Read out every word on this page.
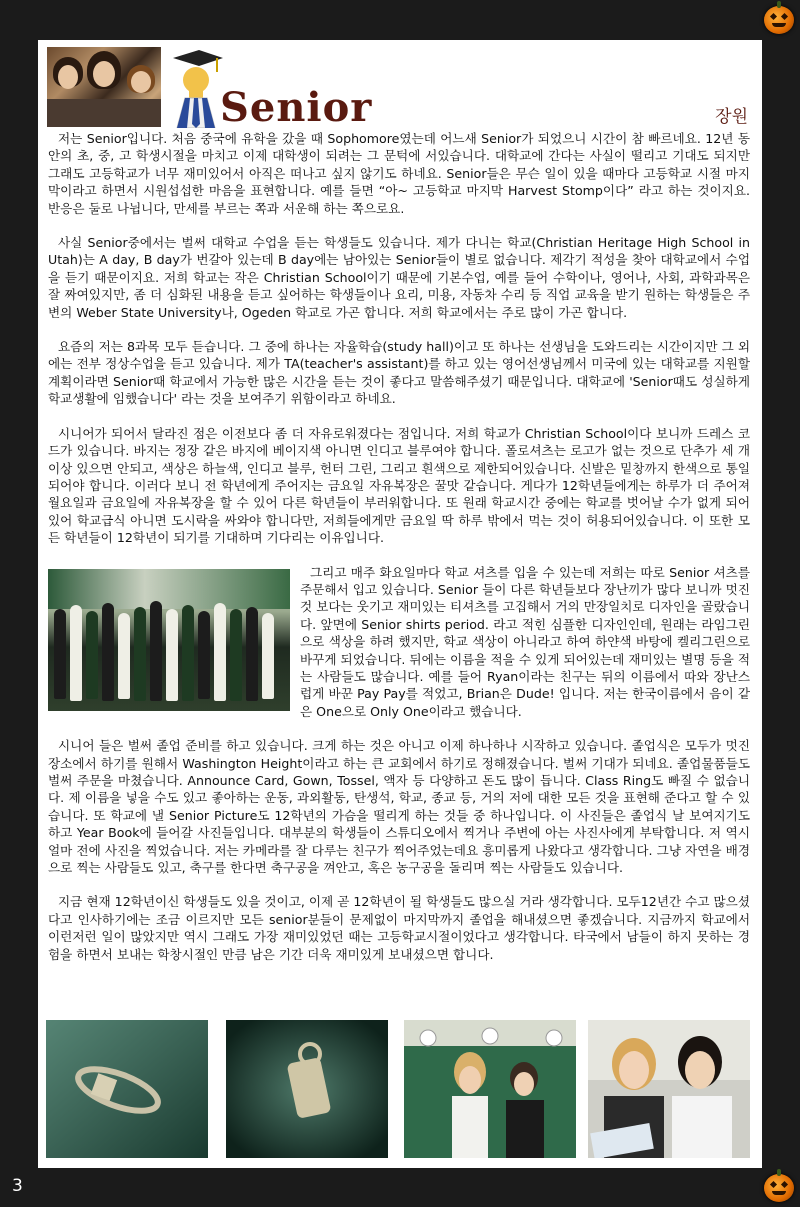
3
Senior	장원

저는 Senior입니다. 처음 중국에 유학을 갔을 때 Sophomore였는데 어느새 Senior가 되었으니 시간이 참 빠르네요. 12년 동안의 초, 중, 고 학생시절을 마치고 이제 대학생이 되려는 그 문턱에 서있습니다. 대학교에 간다는 사실이 떨리고 기대도 되지만 그래도 고등학교가 너무 재미있어서 아직은 떠나고 싶지 않기도 하네요. Senior들은 무슨 일이 있을 때마다 고등학교 시절 마지막이라고 하면서 시원섭섭한 마음을 표현합니다. 예를 들면 “아~ 고등학교 마지막 Harvest Stomp이다” 라고 하는 것이지요. 반응은 둘로 나뉩니다, 만세를 부르는 쪽과 서운해 하는 쪽으로요.

사실 Senior중에서는 벌써 대학교 수업을 듣는 학생들도 있습니다. 제가 다니는 학교(Christian Heritage High School in Utah)는 A day, B day가 번갈아 있는데 B day에는 남아있는 Senior들이 별로 없습니다. 제각기 적성을 찾아 대학교에서 수업을 듣기 때문이지요. 저희 학교는 작은 Christian School이기 때문에 기본수업, 예를 들어 수학이나, 영어나, 사회, 과학과목은 잘 짜여있지만, 좀 더 심화된 내용을 듣고 싶어하는 학생들이나 요리, 미용, 자동차 수리 등 직업 교육을 받기 원하는 학생들은 주변의 Weber State University나, Ogeden 학교로 가곤 합니다. 저희 학교에서는 주로 많이 가곤 합니다.

요즘의 저는 8과목 모두 듣습니다. 그 중에 하나는 자율학습(study hall)이고 또 하나는 선생님을 도와드리는 시간이지만 그 외에는 전부 정상수업을 듣고 있습니다. 제가 TA(teacher's assistant)를 하고 있는 영어선생님께서 미국에 있는 대학교를 지원할 계획이라면 Senior때 학교에서 가능한 많은 시간을 듣는 것이 좋다고 말씀해주셨기 때문입니다. 대학교에 'Senior때도 성실하게 학교생활에 임했습니다' 라는 것을 보여주기 위함이라고 하네요.

시니어가 되어서 달라진 점은 이전보다 좀 더 자유로워졌다는 점입니다. 저희 학교가 Christian School이다 보니까 드레스 코드가 있습니다. 바지는 정장 같은 바지에 베이지색 아니면 인디고 블루여야 합니다. 폴로셔츠는 로고가 없는 것으로 단추가 세 개 이상 있으면 안되고, 색상은 하늘색, 인디고 블루, 헌터 그린, 그리고 흰색으로 제한되어있습니다. 신발은 밑창까지 한색으로 통일되어야 합니다. 이러다 보니 전 학년에게 주어지는 금요일 자유복장은 꿀맛 같습니다. 게다가 12학년들에게는 하루가 더 주어져 월요일과 금요일에 자유복장을 할 수 있어 다른 학년들이 부러워합니다. 또 원래 학교시간 중에는 학교를 벗어날 수가 없게 되어있어 학교급식 아니면 도시락을 싸와야 합니다만, 저희들에게만 금요일 딱 하루 밖에서 먹는 것이 허용되어있습니다. 이 또한 모든 학년들이 12학년이 되기를 기대하며 기다리는 이유입니다.

그리고 매주 화요일마다 학교 셔츠를 입을 수 있는데 저희는 따로 Senior 셔츠를 주문해서 입고 있습니다. Senior 들이 다른 학년들보다 장난끼가 많다 보니까 멋진 것 보다는 웃기고 재미있는 티셔츠를 고집해서 거의 만장일치로 디자인을 골랐습니다. 앞면에 Senior shirts period. 라고 적힌 심플한 디자인인데, 원래는 라임그린으로 색상을 하려 했지만, 학교 색상이 아니라고 하여 하얀색 바탕에 켈리그린으로 바꾸게 되었습니다. 뒤에는 이름을 적을 수 있게 되어있는데 재미있는 별명 등을 적는 사람들도 많습니다. 예를 들어 Ryan이라는 친구는 뒤의 이름에서 따와 장난스럽게 바꾼 Pay Pay를 적었고, Brian은 Dude! 입니다. 저는 한국이름에서 음이 같은 One으로 Only One이라고 했습니다.

시니어 들은 벌써 졸업 준비를 하고 있습니다. 크게 하는 것은 아니고 이제 하나하나 시작하고 있습니다. 졸업식은 모두가 멋진 장소에서 하기를 원해서 Washington Height이라고 하는 큰 교회에서 하기로 정해졌습니다. 벌써 기대가 되네요. 졸업물품들도 벌써 주문을 마쳤습니다. Announce Card, Gown, Tossel, 액자 등 다양하고 돈도 많이 듭니다. Class Ring도 빠질 수 없습니다. 제 이름을 넣을 수도 있고 좋아하는 운동, 과외활동, 탄생석, 학교, 종교 등, 거의 저에 대한 모든 것을 표현해 준다고 할 수 있습니다. 또 학교에 낼 Senior Picture도 12학년의 가슴을 떨리게 하는 것들 중 하나입니다. 이 사진들은 졸업식 날 보여지기도 하고 Year Book에 들어갈 사진들입니다. 대부분의 학생들이 스튜디오에서 찍거나 주변에 아는 사진사에게 부탁합니다. 저 역시 얼마 전에 사진을 찍었습니다. 저는 카메라를 잘 다루는 친구가 찍어주었는데요 흥미롭게 나왔다고 생각합니다. 그냥 자연을 배경으로 찍는 사람들도 있고, 축구를 한다면 축구공을 껴안고, 혹은 농구공을 돌리며 찍는 사람들도 있습니다.

지금 현재 12학년이신 학생들도 있을 것이고, 이제 곧 12학년이 될 학생들도 많으실 거라 생각합니다. 모두12년간 수고 많으셨다고 인사하기에는 조금 이르지만 모든 senior분들이 문제없이 마지막까지 졸업을 해내셨으면 좋겠습니다. 지금까지 학교에서 이런저런 일이 많았지만 역시 그래도 가장 재미있었던 때는 고등학교시절이었다고 생각합니다. 타국에서 남들이 하지 못하는 경험을 하면서 보내는 학창시절인 만큼 남은 기간 더욱 재미있게 보내셨으면 합니다.
